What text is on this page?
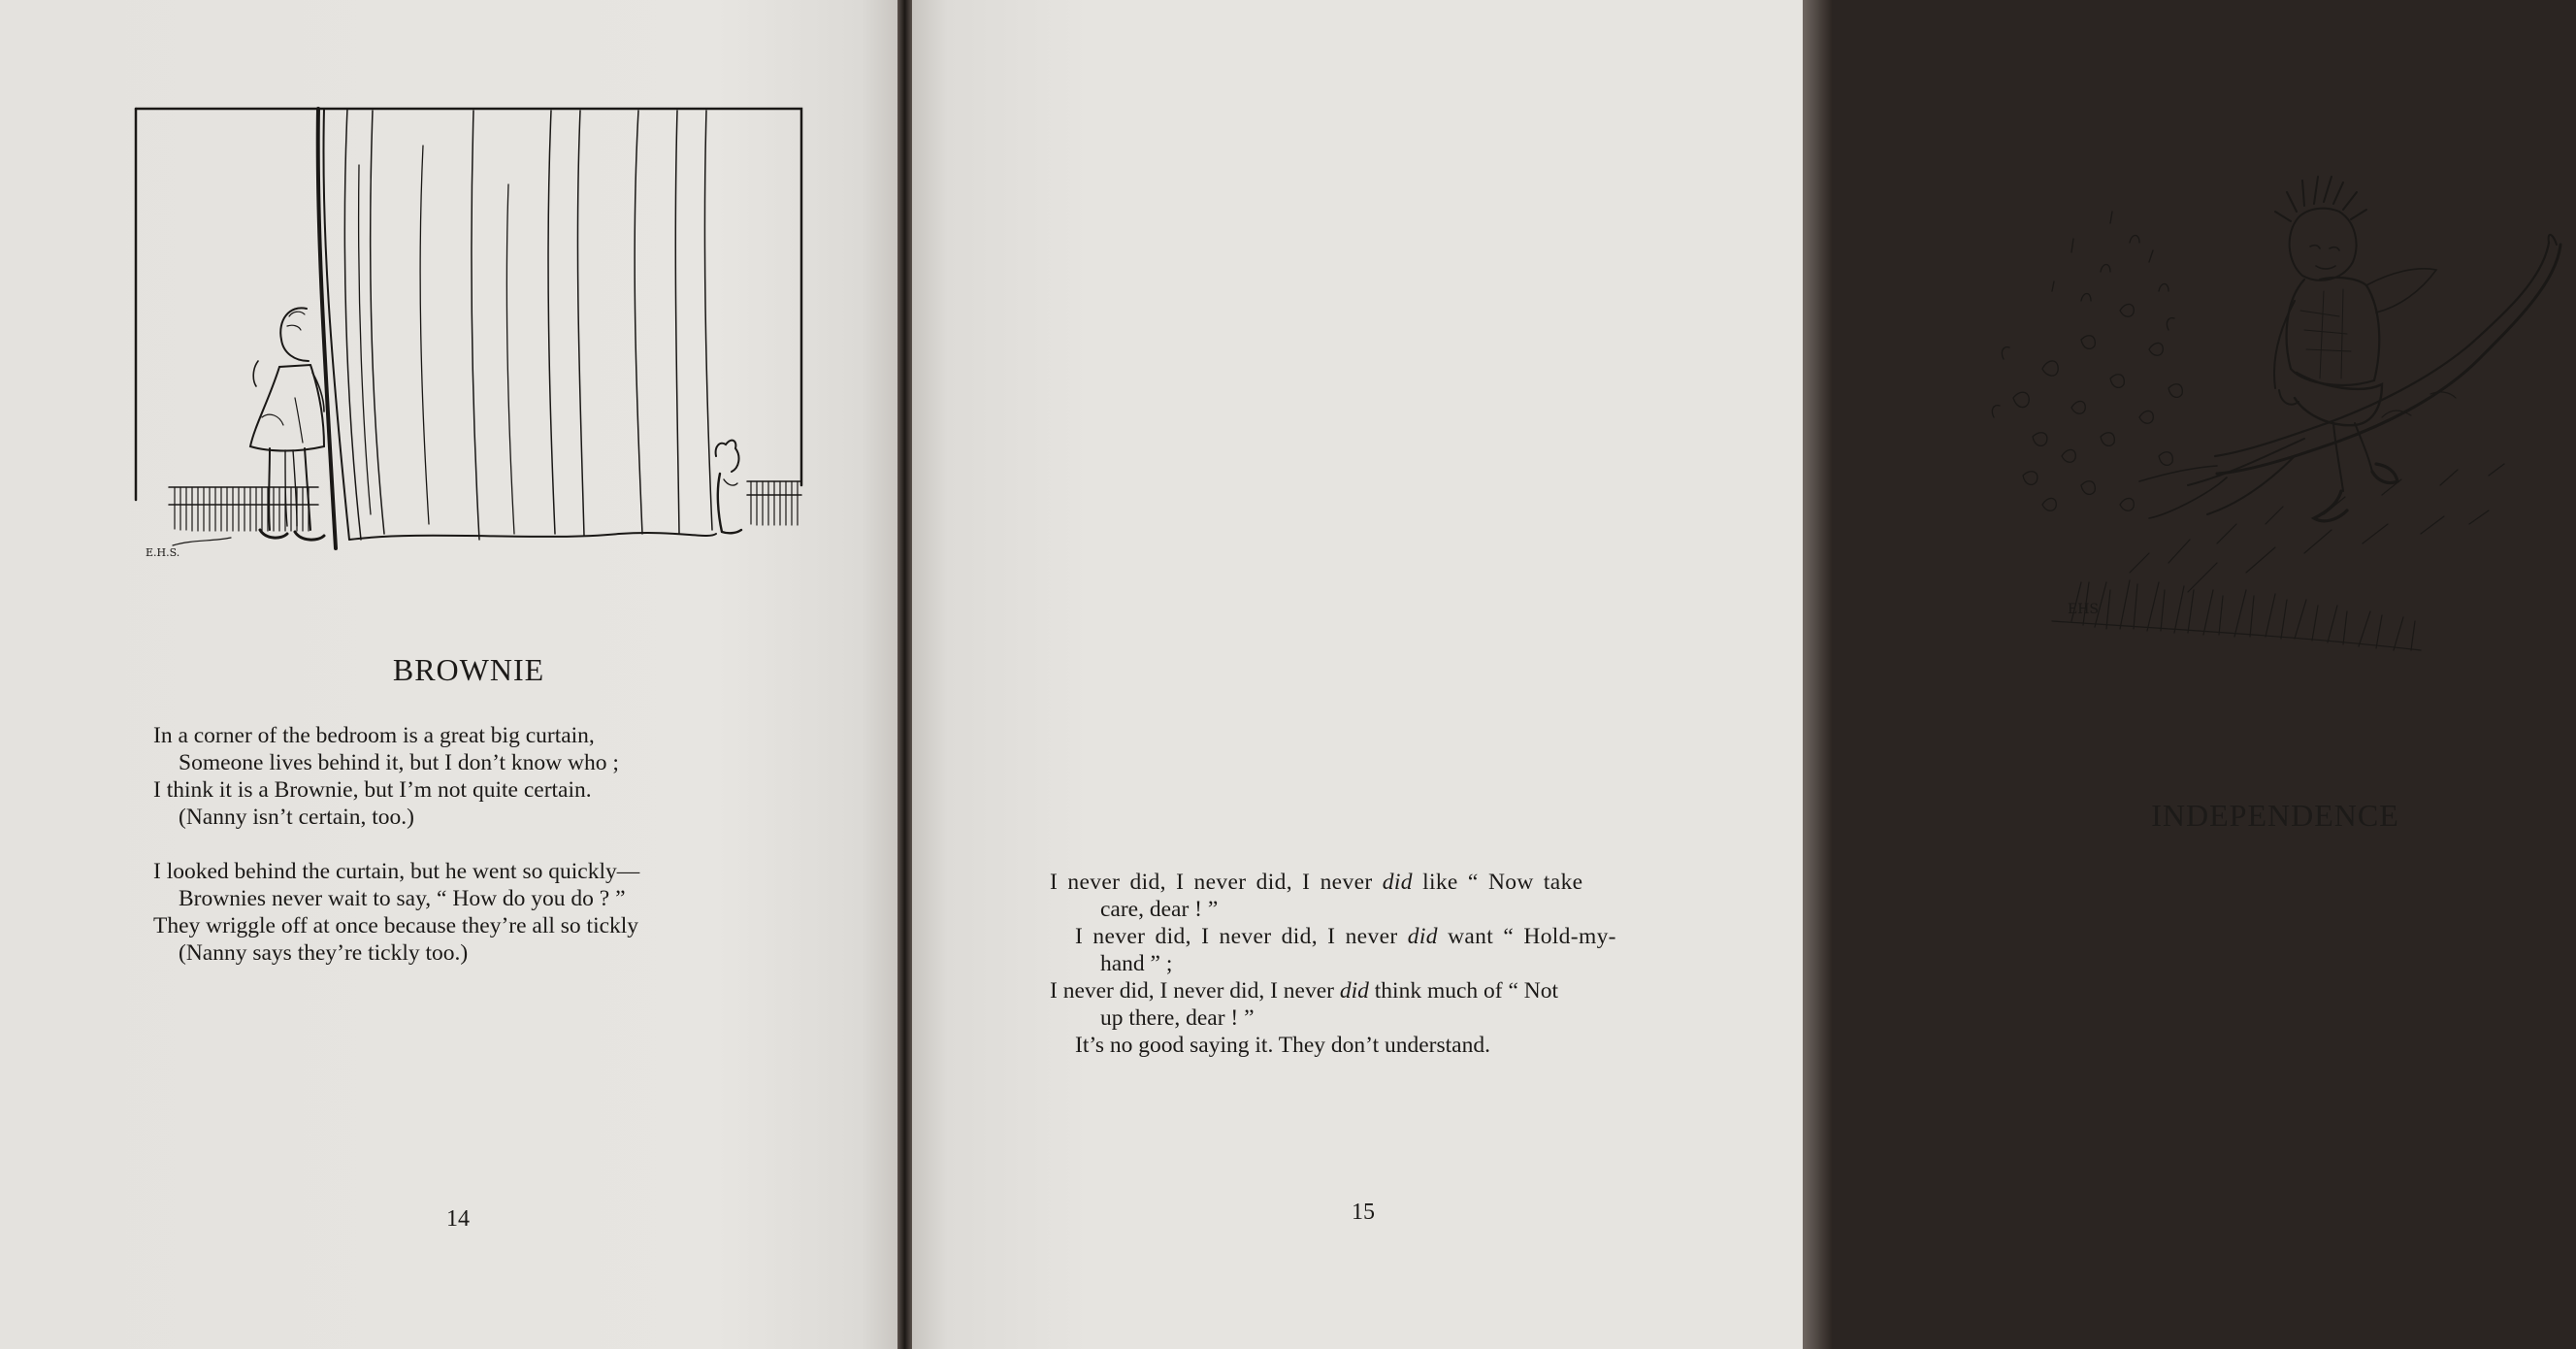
E.H.S.
BROWNIE
In a corner of the bedroom is a great big curtain,
Someone lives behind it, but I don’t know who ;
I think it is a Brownie, but I’m not quite certain.
(Nanny isn’t certain, too.)
I looked behind the curtain, but he went so quickly—
Brownies never wait to say, “ How do you do ? ”
They wriggle off at once because they’re all so tickly
(Nanny says they’re tickly too.)
14
EHS
INDEPENDENCE
I never did, I never did, I never did like “ Now take
care, dear ! ”
I never did, I never did, I never did want “ Hold-my-
hand ” ;
I never did, I never did, I never did think much of “ Not
up there, dear ! ”
It’s no good saying it. They don’t understand.
15
